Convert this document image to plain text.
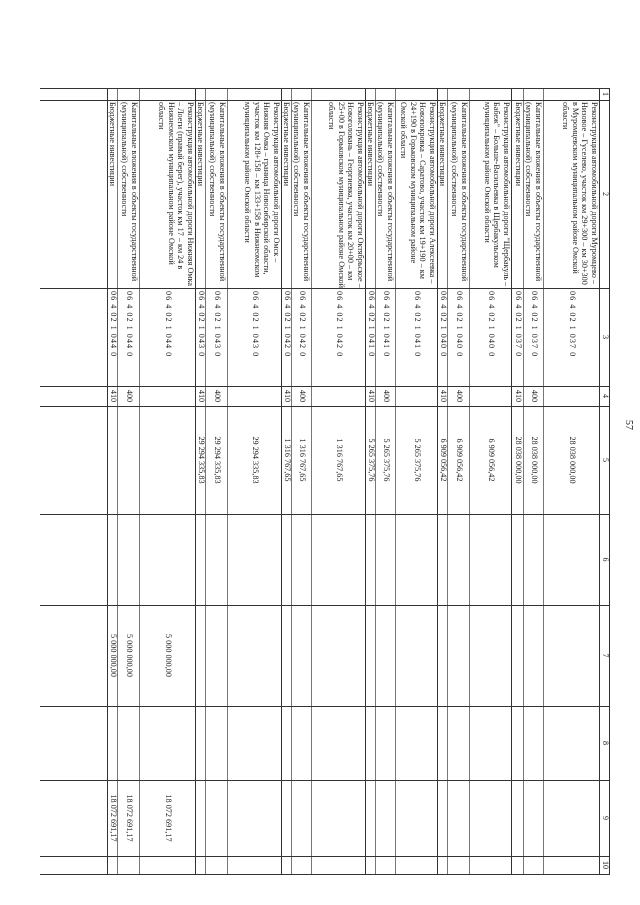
57
1
2
3
4
5
6
7
8
9
10
Реконструкция автомобильной дороги Муромцево – Низовое – Гуселево, участок км 29+300 – км 30+300 в Муромцевском муниципальном районе Омской области
06 4 02 1 037 0
28 038 000,00
Капитальные вложения в объекты государственной (муниципальной) собственности
06 4 02 1 037 0
400
28 038 000,00
Бюджетные инвестиции
06 4 02 1 037 0
410
28 038 000,00
Реконструкция автомобильной дороги "Щербакуль – Бабеж" – Больше-Васильевка в Щербакульском муниципальном районе Омской области
06 4 02 1 040 0
6 909 056,42
Капитальные вложения в объекты государственной (муниципальной) собственности
06 4 02 1 040 0
400
6 909 056,42
Бюджетные инвестиции
06 4 02 1 040 0
410
6 909 056,42
Реконструкция автомобильной дороги Алексеевка – Новопокровка – Саратово, участок км 19+190 – км 24+190 в Горьковском муниципальном районе Омской области
06 4 02 1 041 0
5 265 375,76
Капитальные вложения в объекты государственной (муниципальной) собственности
06 4 02 1 041 0
400
5 265 375,76
Бюджетные инвестиции
06 4 02 1 041 0
410
5 265 375,76
Реконструкция автомобильной дороги Октябрьское – Новоголовань – Георгиевка, участок км 20+00 – км 25+00 в Горьковском муниципальном районе Омской области
06 4 02 1 042 0
1 316 767,65
Капитальные вложения в объекты государственной (муниципальной) собственности
06 4 02 1 042 0
400
1 316 767,65
Бюджетные инвестиции
06 4 02 1 042 0
410
1 316 767,65
Реконструкция автомобильной дороги Омск – Нижняя Омка – граница Новосибирской области, участок км 128+158 – км 133+158 в Нижнеомском муниципальном районе Омской области
06 4 02 1 043 0
29 294 335,83
Капитальные вложения в объекты государственной (муниципальной) собственности
06 4 02 1 043 0
400
29 294 335,83
Бюджетные инвестиции
06 4 02 1 043 0
410
29 294 335,83
Реконструкция автомобильной дороги Нижняя Омка – Лоеги (правый берег), участок км 17 – км 24 в Нижнеомском муниципальном районе Омской области
06 4 02 1 044 0
5 000 000,00
18 072 691,17
Капитальные вложения в объекты государственной (муниципальной) собственности
06 4 02 1 044 0
400
5 000 000,00
18 072 691,17
Бюджетные инвестиции
06 4 02 1 044 0
410
5 000 000,00
18 072 691,17
